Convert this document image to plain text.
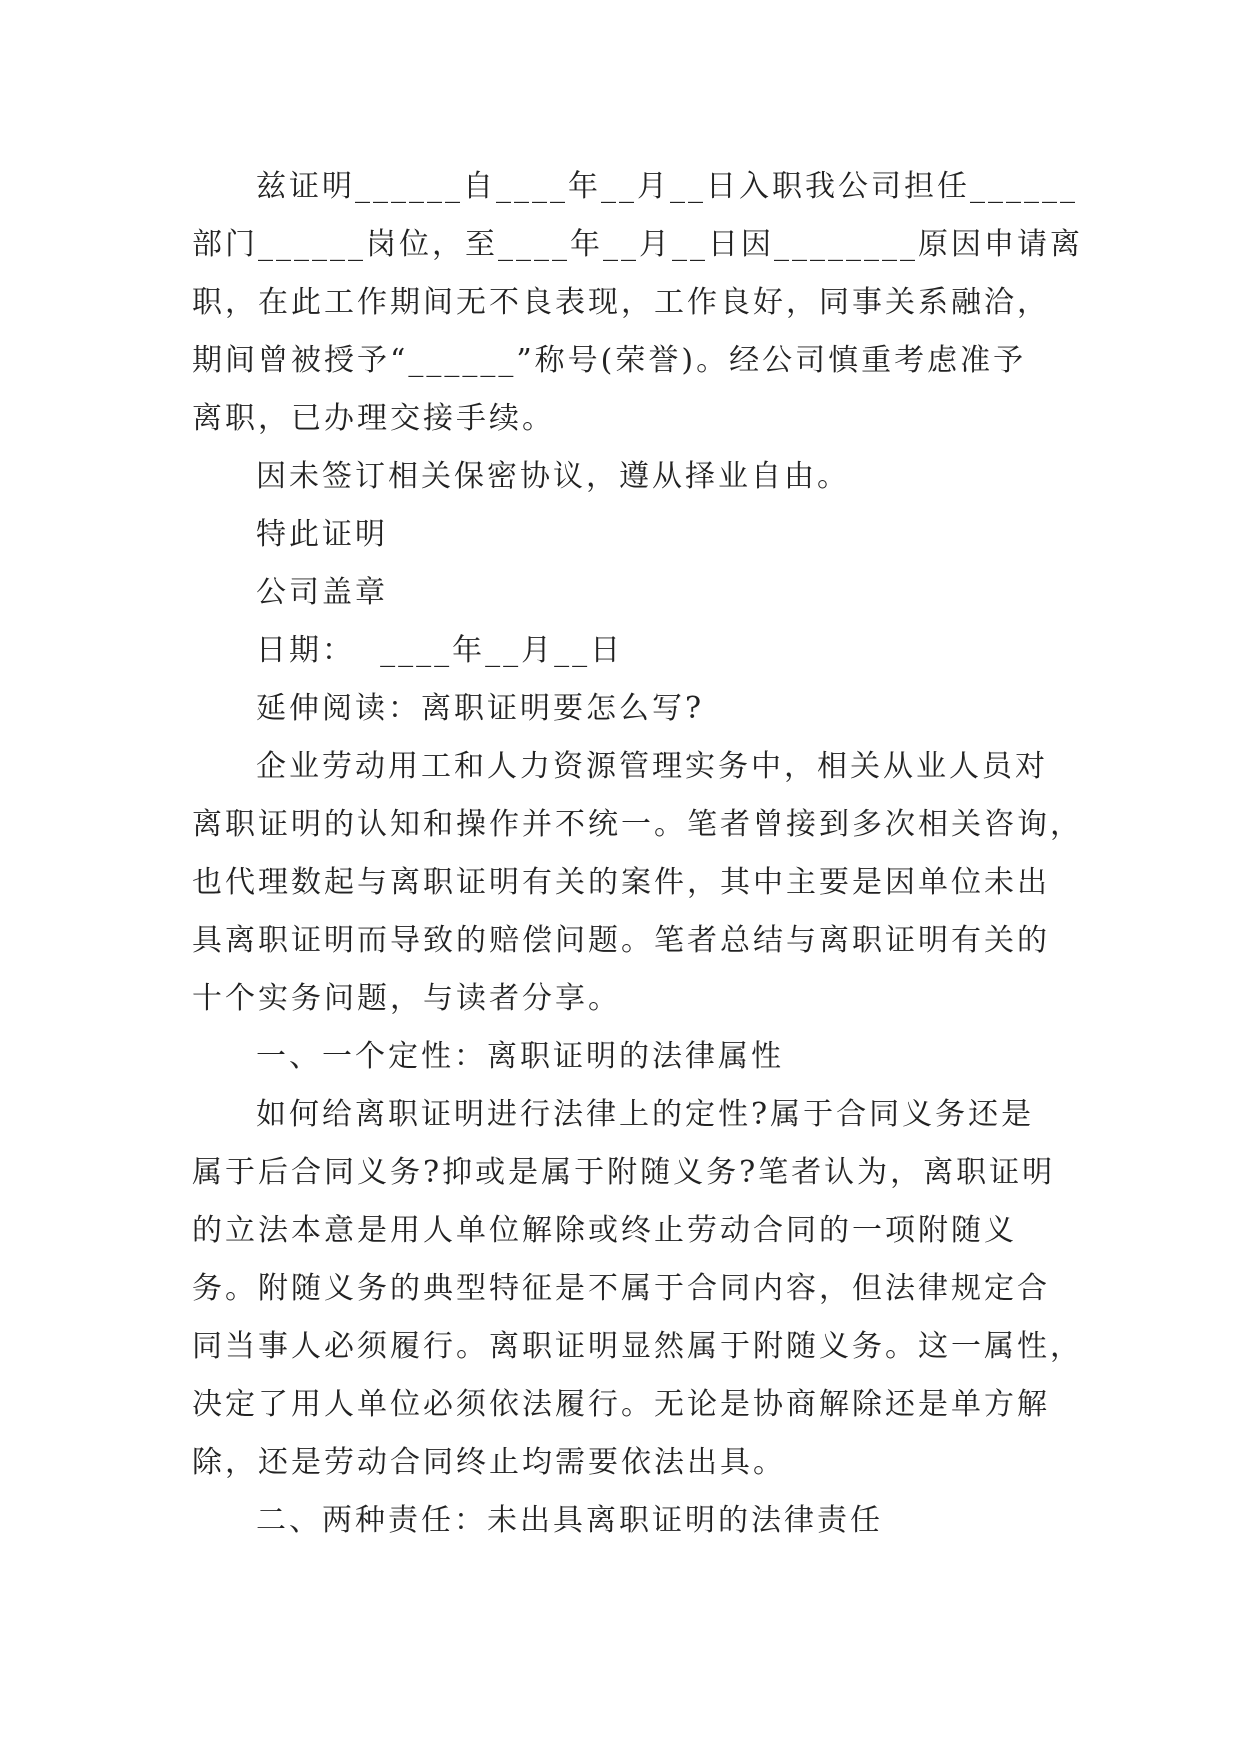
兹证明______自____年__月__日入职我公司担任______
部门______岗位，至____年__月__日因________原因申请离
职，在此工作期间无不良表现，工作良好，同事关系融洽，
期间曾被授予“______”称号(荣誉)。经公司慎重考虑准予
离职，已办理交接手续。
因未签订相关保密协议，遵从择业自由。
特此证明
公司盖章
日期：  ____年__月__日
延伸阅读：离职证明要怎么写?
企业劳动用工和人力资源管理实务中，相关从业人员对
离职证明的认知和操作并不统一。笔者曾接到多次相关咨询，
也代理数起与离职证明有关的案件，其中主要是因单位未出
具离职证明而导致的赔偿问题。笔者总结与离职证明有关的
十个实务问题，与读者分享。
一、一个定性：离职证明的法律属性
如何给离职证明进行法律上的定性?属于合同义务还是
属于后合同义务?抑或是属于附随义务?笔者认为，离职证明
的立法本意是用人单位解除或终止劳动合同的一项附随义
务。附随义务的典型特征是不属于合同内容，但法律规定合
同当事人必须履行。离职证明显然属于附随义务。这一属性，
决定了用人单位必须依法履行。无论是协商解除还是单方解
除，还是劳动合同终止均需要依法出具。
二、两种责任：未出具离职证明的法律责任
